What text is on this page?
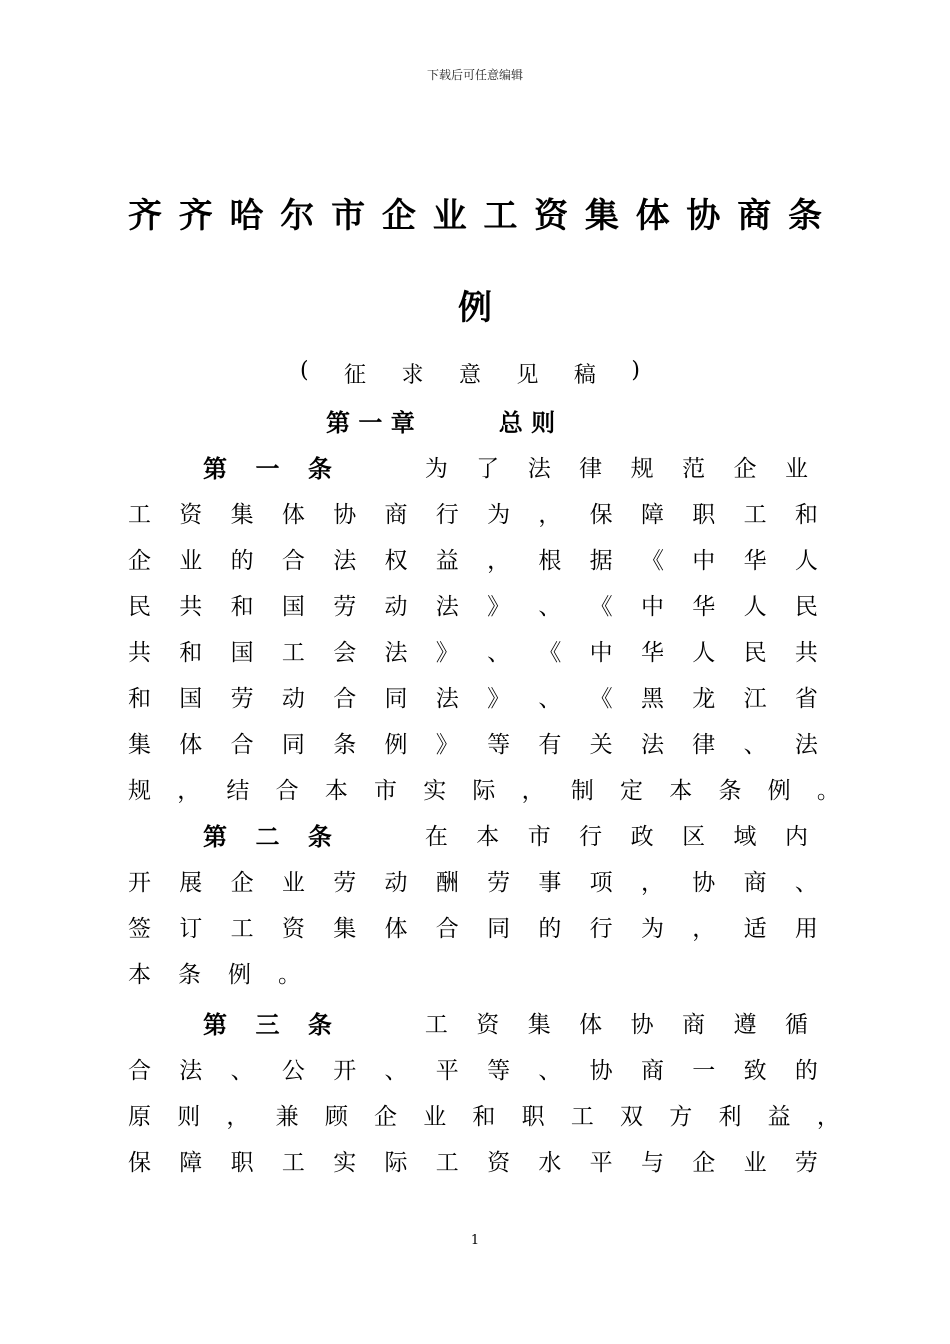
下载后可任意编辑
齐 齐 哈 尔 市 企 业 工 资 集 体 协 商 条
例
( 征 求 意 见 稿 )
第 一 章	总 则
第 一 条	为 了 法 律 规 范 企 业
工 资 集 体 协 商 行 为 ， 保 障 职 工 和
企 业 的 合 法 权 益 ， 根 据 《 中 华 人
民 共 和 国 劳 动 法 》 、 《 中 华 人 民
共 和 国 工 会 法 》 、 《 中 华 人 民 共
和 国 劳 动 合 同 法 》 、 《 黑 龙 江 省
集 体 合 同 条 例 》 等 有 关 法 律 、 法
规 ， 结 合 本 市 实 际 ， 制 定 本 条 例 。
第 二 条	在 本 市 行 政 区 域 内
开 展 企 业 劳 动 酬 劳 事 项 ， 协 商 、
签 订 工 资 集 体 合 同 的 行 为 ， 适 用
本 条 例 。
第 三 条	工 资 集 体 协 商 遵 循
合 法 、 公 开 、 平 等 、 协 商 一 致 的
原 则 ， 兼 顾 企 业 和 职 工 双 方 利 益 ，
保 障 职 工 实 际 工 资 水 平 与 企 业 劳
1
